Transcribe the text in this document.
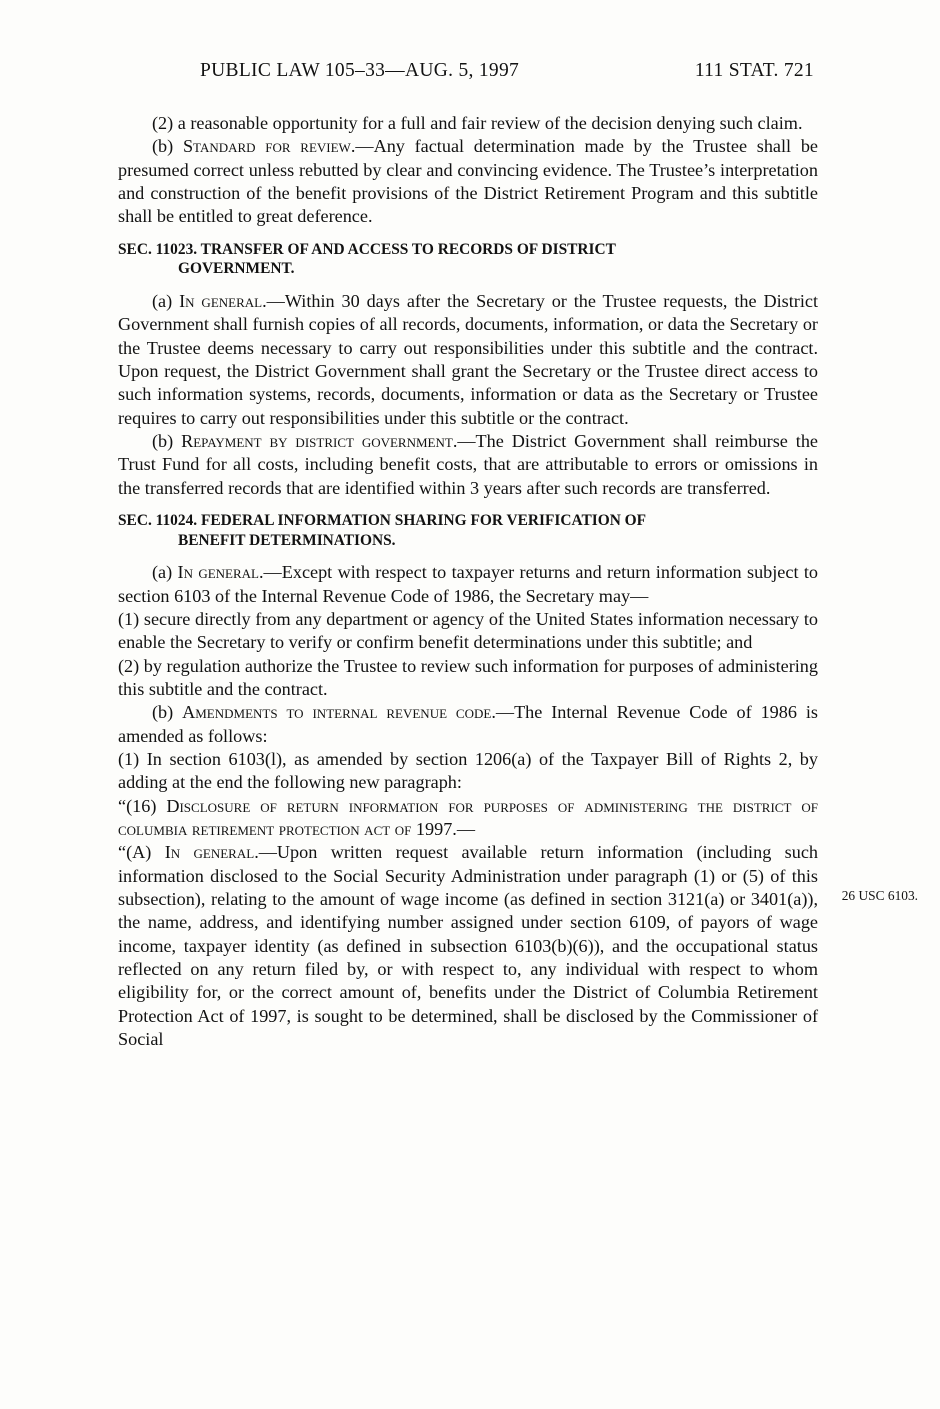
PUBLIC LAW 105–33—AUG. 5, 1997	111 STAT. 721

(2) a reasonable opportunity for a full and fair review of the decision denying such claim.

(b) Standard for review.—Any factual determination made by the Trustee shall be presumed correct unless rebutted by clear and convincing evidence. The Trustee’s interpretation and construction of the benefit provisions of the District Retirement Program and this subtitle shall be entitled to great deference.

SEC. 11023. TRANSFER OF AND ACCESS TO RECORDS OF DISTRICT
GOVERNMENT.

(a) In general.—Within 30 days after the Secretary or the Trustee requests, the District Government shall furnish copies of all records, documents, information, or data the Secretary or the Trustee deems necessary to carry out responsibilities under this subtitle and the contract. Upon request, the District Government shall grant the Secretary or the Trustee direct access to such information systems, records, documents, information or data as the Secretary or Trustee requires to carry out responsibilities under this subtitle or the contract.

(b) Repayment by district government.—The District Government shall reimburse the Trust Fund for all costs, including benefit costs, that are attributable to errors or omissions in the transferred records that are identified within 3 years after such records are transferred.

SEC. 11024. FEDERAL INFORMATION SHARING FOR VERIFICATION OF
BENEFIT DETERMINATIONS.

(a) In general.—Except with respect to taxpayer returns and return information subject to section 6103 of the Internal Revenue Code of 1986, the Secretary may—

(1) secure directly from any department or agency of the United States information necessary to enable the Secretary to verify or confirm benefit determinations under this subtitle; and

(2) by regulation authorize the Trustee to review such information for purposes of administering this subtitle and the contract.

(b) Amendments to internal revenue code.—The Internal Revenue Code of 1986 is amended as follows:

(1) In section 6103(l), as amended by section 1206(a) of the Taxpayer Bill of Rights 2, by adding at the end the following new paragraph:

“(16) Disclosure of return information for purposes of administering the district of columbia retirement protection act of 1997.—

“(A) In general.—Upon written request available return information (including such information disclosed to the Social Security Administration under paragraph (1) or (5) of this subsection), relating to the amount of wage income (as defined in section 3121(a) or 3401(a)), the name, address, and identifying number assigned under section 6109, of payors of wage income, taxpayer identity (as defined in subsection 6103(b)(6)), and the occupational status reflected on any return filed by, or with respect to, any individual with respect to whom eligibility for, or the correct amount of, benefits under the District of Columbia Retirement Protection Act of 1997, is sought to be determined, shall be disclosed by the Commissioner of Social

26 USC 6103.
